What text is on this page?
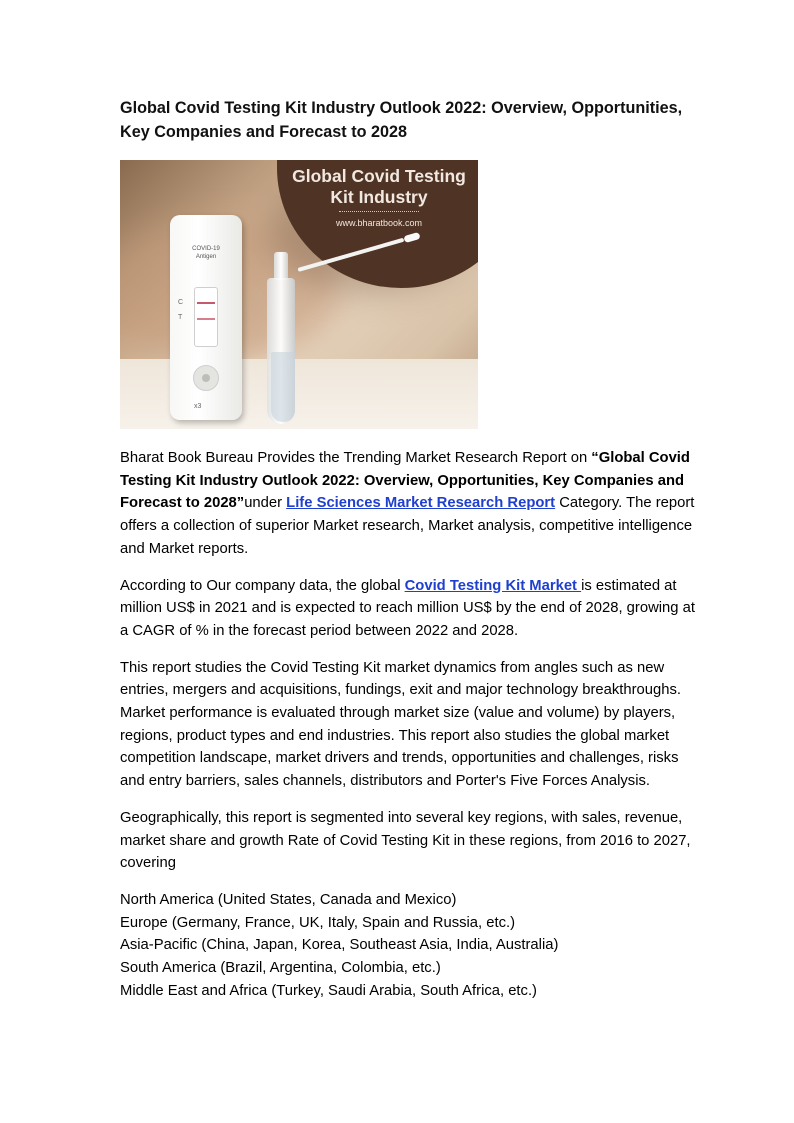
Global Covid Testing Kit Industry Outlook 2022: Overview, Opportunities, Key Companies and Forecast to 2028
Global Covid Testing
Kit Industry
www.bharatbook.com
COVID-19
Antigen
C
T
x3

Bharat Book Bureau Provides the Trending Market Research Report on “Global Covid Testing Kit Industry Outlook 2022: Overview, Opportunities, Key Companies and Forecast to 2028”under Life Sciences Market Research Report Category. The report offers a collection of superior Market research, Market analysis, competitive intelligence and Market reports.

According to Our company data, the global Covid Testing Kit Market is estimated at million US$ in 2021 and is expected to reach million US$ by the end of 2028, growing at a CAGR of % in the forecast period between 2022 and 2028.

This report studies the Covid Testing Kit market dynamics from angles such as new entries, mergers and acquisitions, fundings, exit and major technology breakthroughs. Market performance is evaluated through market size (value and volume) by players, regions, product types and end industries. This report also studies the global market competition landscape, market drivers and trends, opportunities and challenges, risks and entry barriers, sales channels, distributors and Porter's Five Forces Analysis.

Geographically, this report is segmented into several key regions, with sales, revenue, market share and growth Rate of Covid Testing Kit in these regions, from 2016 to 2027, covering

North America (United States, Canada and Mexico)
Europe (Germany, France, UK, Italy, Spain and Russia, etc.)
Asia-Pacific (China, Japan, Korea, Southeast Asia, India, Australia)
South America (Brazil, Argentina, Colombia, etc.)
Middle East and Africa (Turkey, Saudi Arabia, South Africa, etc.)
